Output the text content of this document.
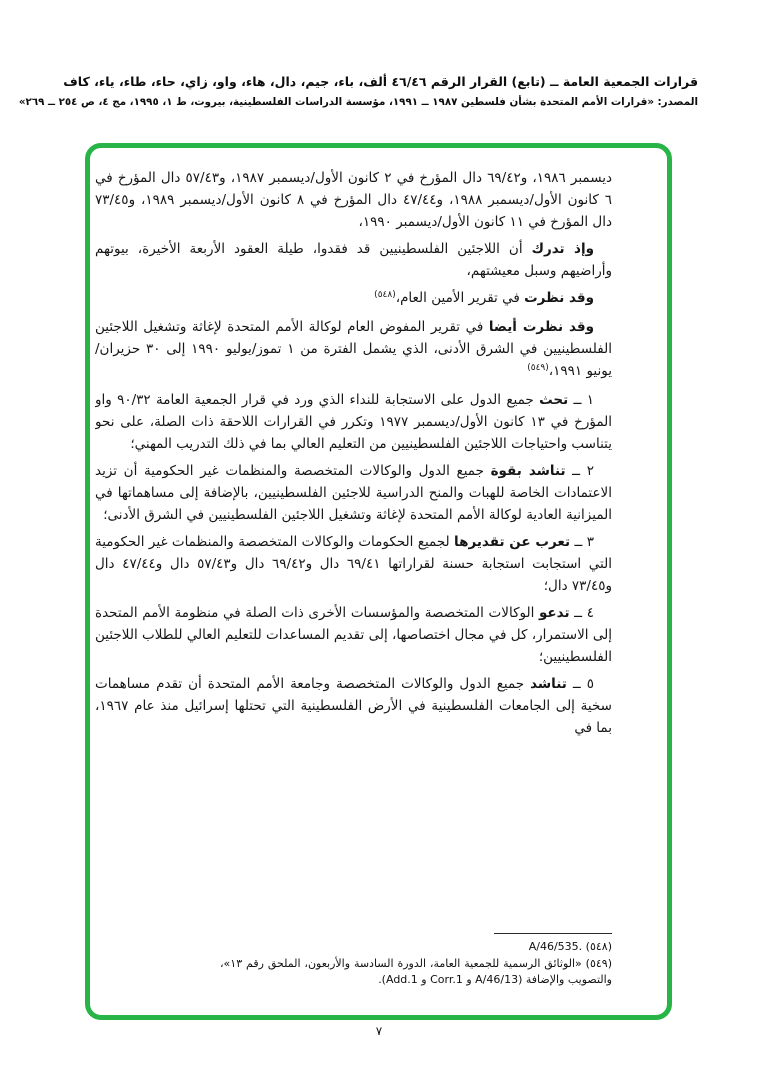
قرارات الجمعية العامة ــ (تابع) القرار الرقم ٤٦/٤٦ ألف، باء، جيم، دال، هاء، واو، زاي، حاء، طاء، ياء، كاف
المصدر: «قرارات الأمم المتحدة بشأن فلسطين ١٩٨٧ ــ ١٩٩١، مؤسسة الدراسات الفلسطينية، بيروت، ط ١، ١٩٩٥، مج ٤، ص ٢٥٤ ــ ٢٦٩»

ديسمبر ١٩٨٦، و٦٩/٤٢ دال المؤرخ في ٢ كانون الأول/ديسمبر ١٩٨٧، و٥٧/٤٣ دال المؤرخ في ٦ كانون الأول/ديسمبر ١٩٨٨، و٤٧/٤٤ دال المؤرخ في ٨ كانون الأول/ديسمبر ١٩٨٩، و٧٣/٤٥ دال المؤرخ في ١١ كانون الأول/ديسمبر ١٩٩٠،

وإذ تدرك أن اللاجئين الفلسطينيين قد فقدوا، طيلة العقود الأربعة الأخيرة، بيوتهم وأراضيهم وسبل معيشتهم،

وقد نظرت في تقرير الأمين العام،$^{(٥٤٨)}$

وقد نظرت أيضا في تقرير المفوض العام لوكالة الأمم المتحدة لإغاثة وتشغيل اللاجئين الفلسطينيين في الشرق الأدنى، الذي يشمل الفترة من ١ تموز/يوليو ١٩٩٠ إلى ٣٠ حزيران/يونيو ١٩٩١،$^{(٥٤٩)}$

١ ــ تحث جميع الدول على الاستجابة للنداء الذي ورد في قرار الجمعية العامة ٩٠/٣٢ واو المؤرخ في ١٣ كانون الأول/ديسمبر ١٩٧٧ وتكرر في القرارات اللاحقة ذات الصلة، على نحو يتناسب واحتياجات اللاجئين الفلسطينيين من التعليم العالي بما في ذلك التدريب المهني؛

٢ ــ تناشد بقوة جميع الدول والوكالات المتخصصة والمنظمات غير الحكومية أن تزيد الاعتمادات الخاصة للهبات والمنح الدراسية للاجئين الفلسطينيين، بالإضافة إلى مساهماتها في الميزانية العادية لوكالة الأمم المتحدة لإغاثة وتشغيل اللاجئين الفلسطينيين في الشرق الأدنى؛

٣ ــ تعرب عن تقديرها لجميع الحكومات والوكالات المتخصصة والمنظمات غير الحكومية التي استجابت استجابة حسنة لقراراتها ٦٩/٤١ دال و٦٩/٤٢ دال و٥٧/٤٣ دال و٤٧/٤٤ دال و٧٣/٤٥ دال؛

٤ ــ تدعو الوكالات المتخصصة والمؤسسات الأخرى ذات الصلة في منظومة الأمم المتحدة إلى الاستمرار، كل في مجال اختصاصها، إلى تقديم المساعدات للتعليم العالي للطلاب اللاجئين الفلسطينيين؛

٥ ــ تناشد جميع الدول والوكالات المتخصصة وجامعة الأمم المتحدة أن تقدم مساهمات سخية إلى الجامعات الفلسطينية في الأرض الفلسطينية التي تحتلها إسرائيل منذ عام ١٩٦٧، بما في

(٥٤٨) A/46/535.‎

(٥٤٩) «الوثائق الرسمية للجمعية العامة، الدورة السادسة والأربعون، الملحق رقم ١٣»، والتصويب والإضافة (A/46/13 و Corr.1 و Add.1).

٧
